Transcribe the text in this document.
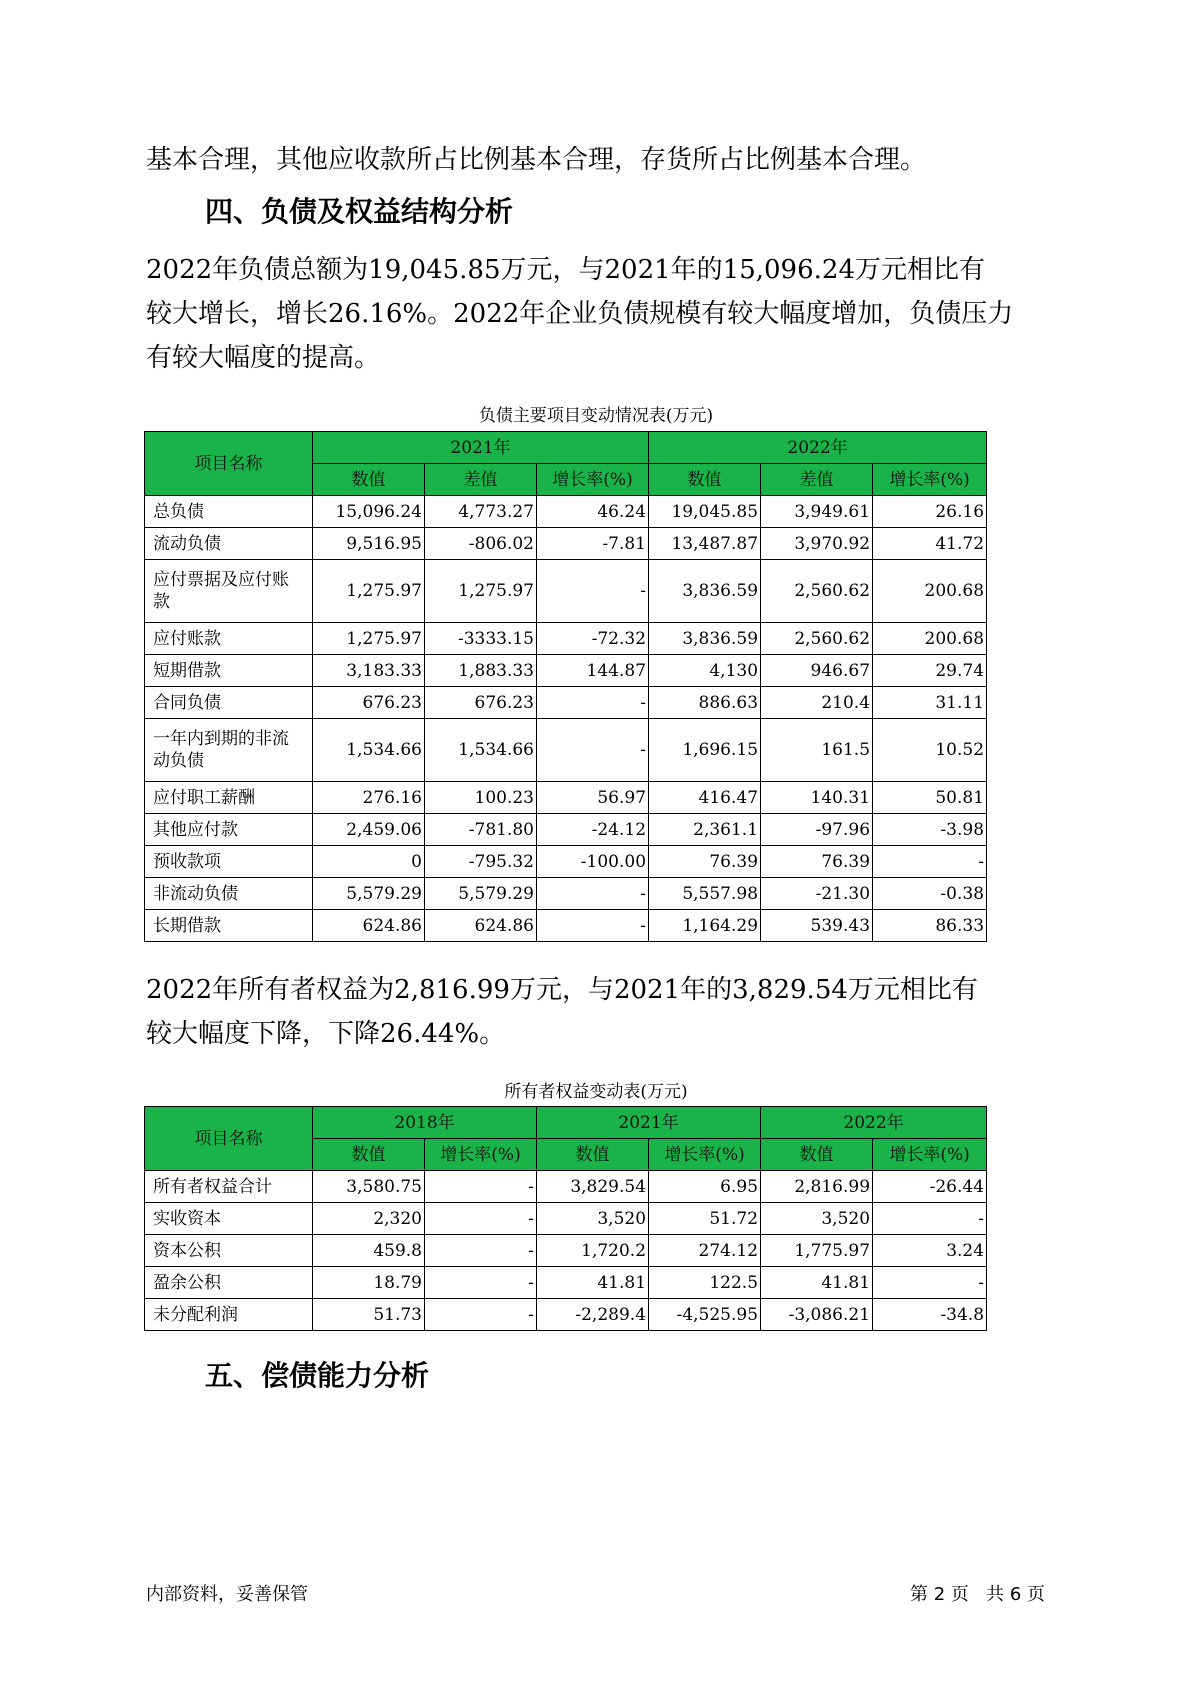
基本合理，其他应收款所占比例基本合理，存货所占比例基本合理。

四、负债及权益结构分析

2022年负债总额为19,045.85万元，与2021年的15,096.24万元相比有
较大增长，增长26.16%。2022年企业负债规模有较大幅度增加，负债压力
有较大幅度的提高。

负债主要项目变动情况表(万元)

项目名称	2021年			2022年		
	数值	差值	增长率(%)	数值	差值	增长率(%)

总负债	15,096.24	4,773.27	46.24	19,045.85	3,949.61	26.16

流动负债	9,516.95	-806.02	-7.81	13,487.87	3,970.92	41.72

应付票据及应付账
款	1,275.97	1,275.97	-	3,836.59	2,560.62	200.68

应付账款	1,275.97	-3333.15	-72.32	3,836.59	2,560.62	200.68

短期借款	3,183.33	1,883.33	144.87	4,130	946.67	29.74

合同负债	676.23	676.23	-	886.63	210.4	31.11

一年内到期的非流
动负债	1,534.66	1,534.66	-	1,696.15	161.5	10.52

应付职工薪酬	276.16	100.23	56.97	416.47	140.31	50.81

其他应付款	2,459.06	-781.80	-24.12	2,361.1	-97.96	-3.98

预收款项	0	-795.32	-100.00	76.39	76.39	-

非流动负债	5,579.29	5,579.29	-	5,557.98	-21.30	-0.38

长期借款	624.86	624.86	-	1,164.29	539.43	86.33

2022年所有者权益为2,816.99万元，与2021年的3,829.54万元相比有
较大幅度下降，下降26.44%。

所有者权益变动表(万元)

项目名称	2018年		2021年		2022年	
	数值	增长率(%)	数值	增长率(%)	数值	增长率(%)
所有者权益合计	3,580.75	-	3,829.54	6.95	2,816.99	-26.44
实收资本	2,320	-	3,520	51.72	3,520	-
资本公积	459.8	-	1,720.2	274.12	1,775.97	3.24
盈余公积	18.79	-	41.81	122.5	41.81	-
未分配利润	51.73	-	-2,289.4	-4,525.95	-3,086.21	-34.8
五、偿债能力分析
内部资料，妥善保管	第 2 页   共 6 页
